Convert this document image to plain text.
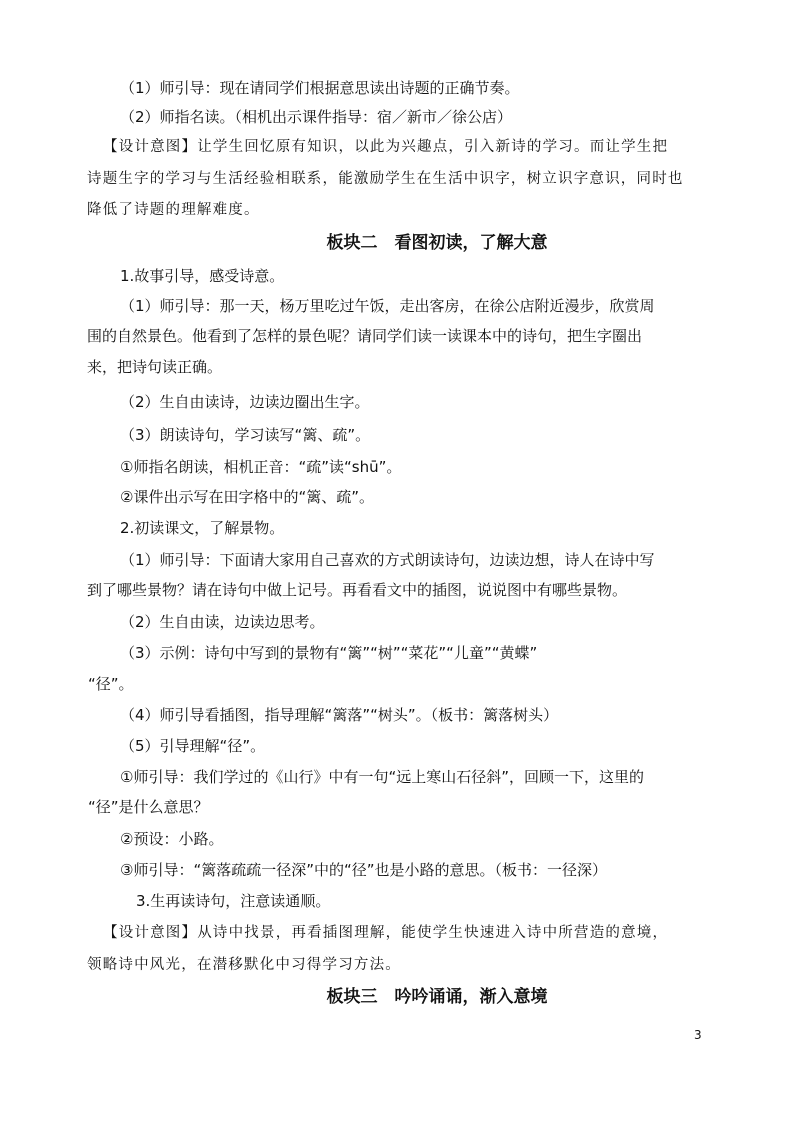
（1）师引导：现在请同学们根据意思读出诗题的正确节奏。
（2）师指名读。（相机出示课件指导：宿／新市／徐公店）
【设计意图】让学生回忆原有知识，以此为兴趣点，引入新诗的学习。而让学生把
诗题生字的学习与生活经验相联系，能激励学生在生活中识字，树立识字意识，同时也
降低了诗题的理解难度。
板块二　看图初读，了解大意
1.故事引导，感受诗意。
（1）师引导：那一天，杨万里吃过午饭，走出客房，在徐公店附近漫步，欣赏周
围的自然景色。他看到了怎样的景色呢？请同学们读一读课本中的诗句，把生字圈出
来，把诗句读正确。
（2）生自由读诗，边读边圈出生字。
（3）朗读诗句，学习读写“篱、疏”。
①师指名朗读，相机正音：“疏”读“shū”。
②课件出示写在田字格中的“篱、疏”。
2.初读课文，了解景物。
（1）师引导：下面请大家用自己喜欢的方式朗读诗句，边读边想，诗人在诗中写
到了哪些景物？请在诗句中做上记号。再看看文中的插图，说说图中有哪些景物。
（2）生自由读，边读边思考。
（3）示例：诗句中写到的景物有“篱”“树”“菜花”“儿童”“黄蝶”
“径”。
（4）师引导看插图，指导理解“篱落”“树头”。（板书：篱落树头）
（5）引导理解“径”。
①师引导：我们学过的《山行》中有一句“远上寒山石径斜”，回顾一下，这里的
“径”是什么意思？
②预设：小路。
③师引导：“篱落疏疏一径深”中的“径”也是小路的意思。（板书：一径深）
3.生再读诗句，注意读通顺。
【设计意图】从诗中找景，再看插图理解，能使学生快速进入诗中所营造的意境，
领略诗中风光，在潜移默化中习得学习方法。
板块三　吟吟诵诵，渐入意境
3
